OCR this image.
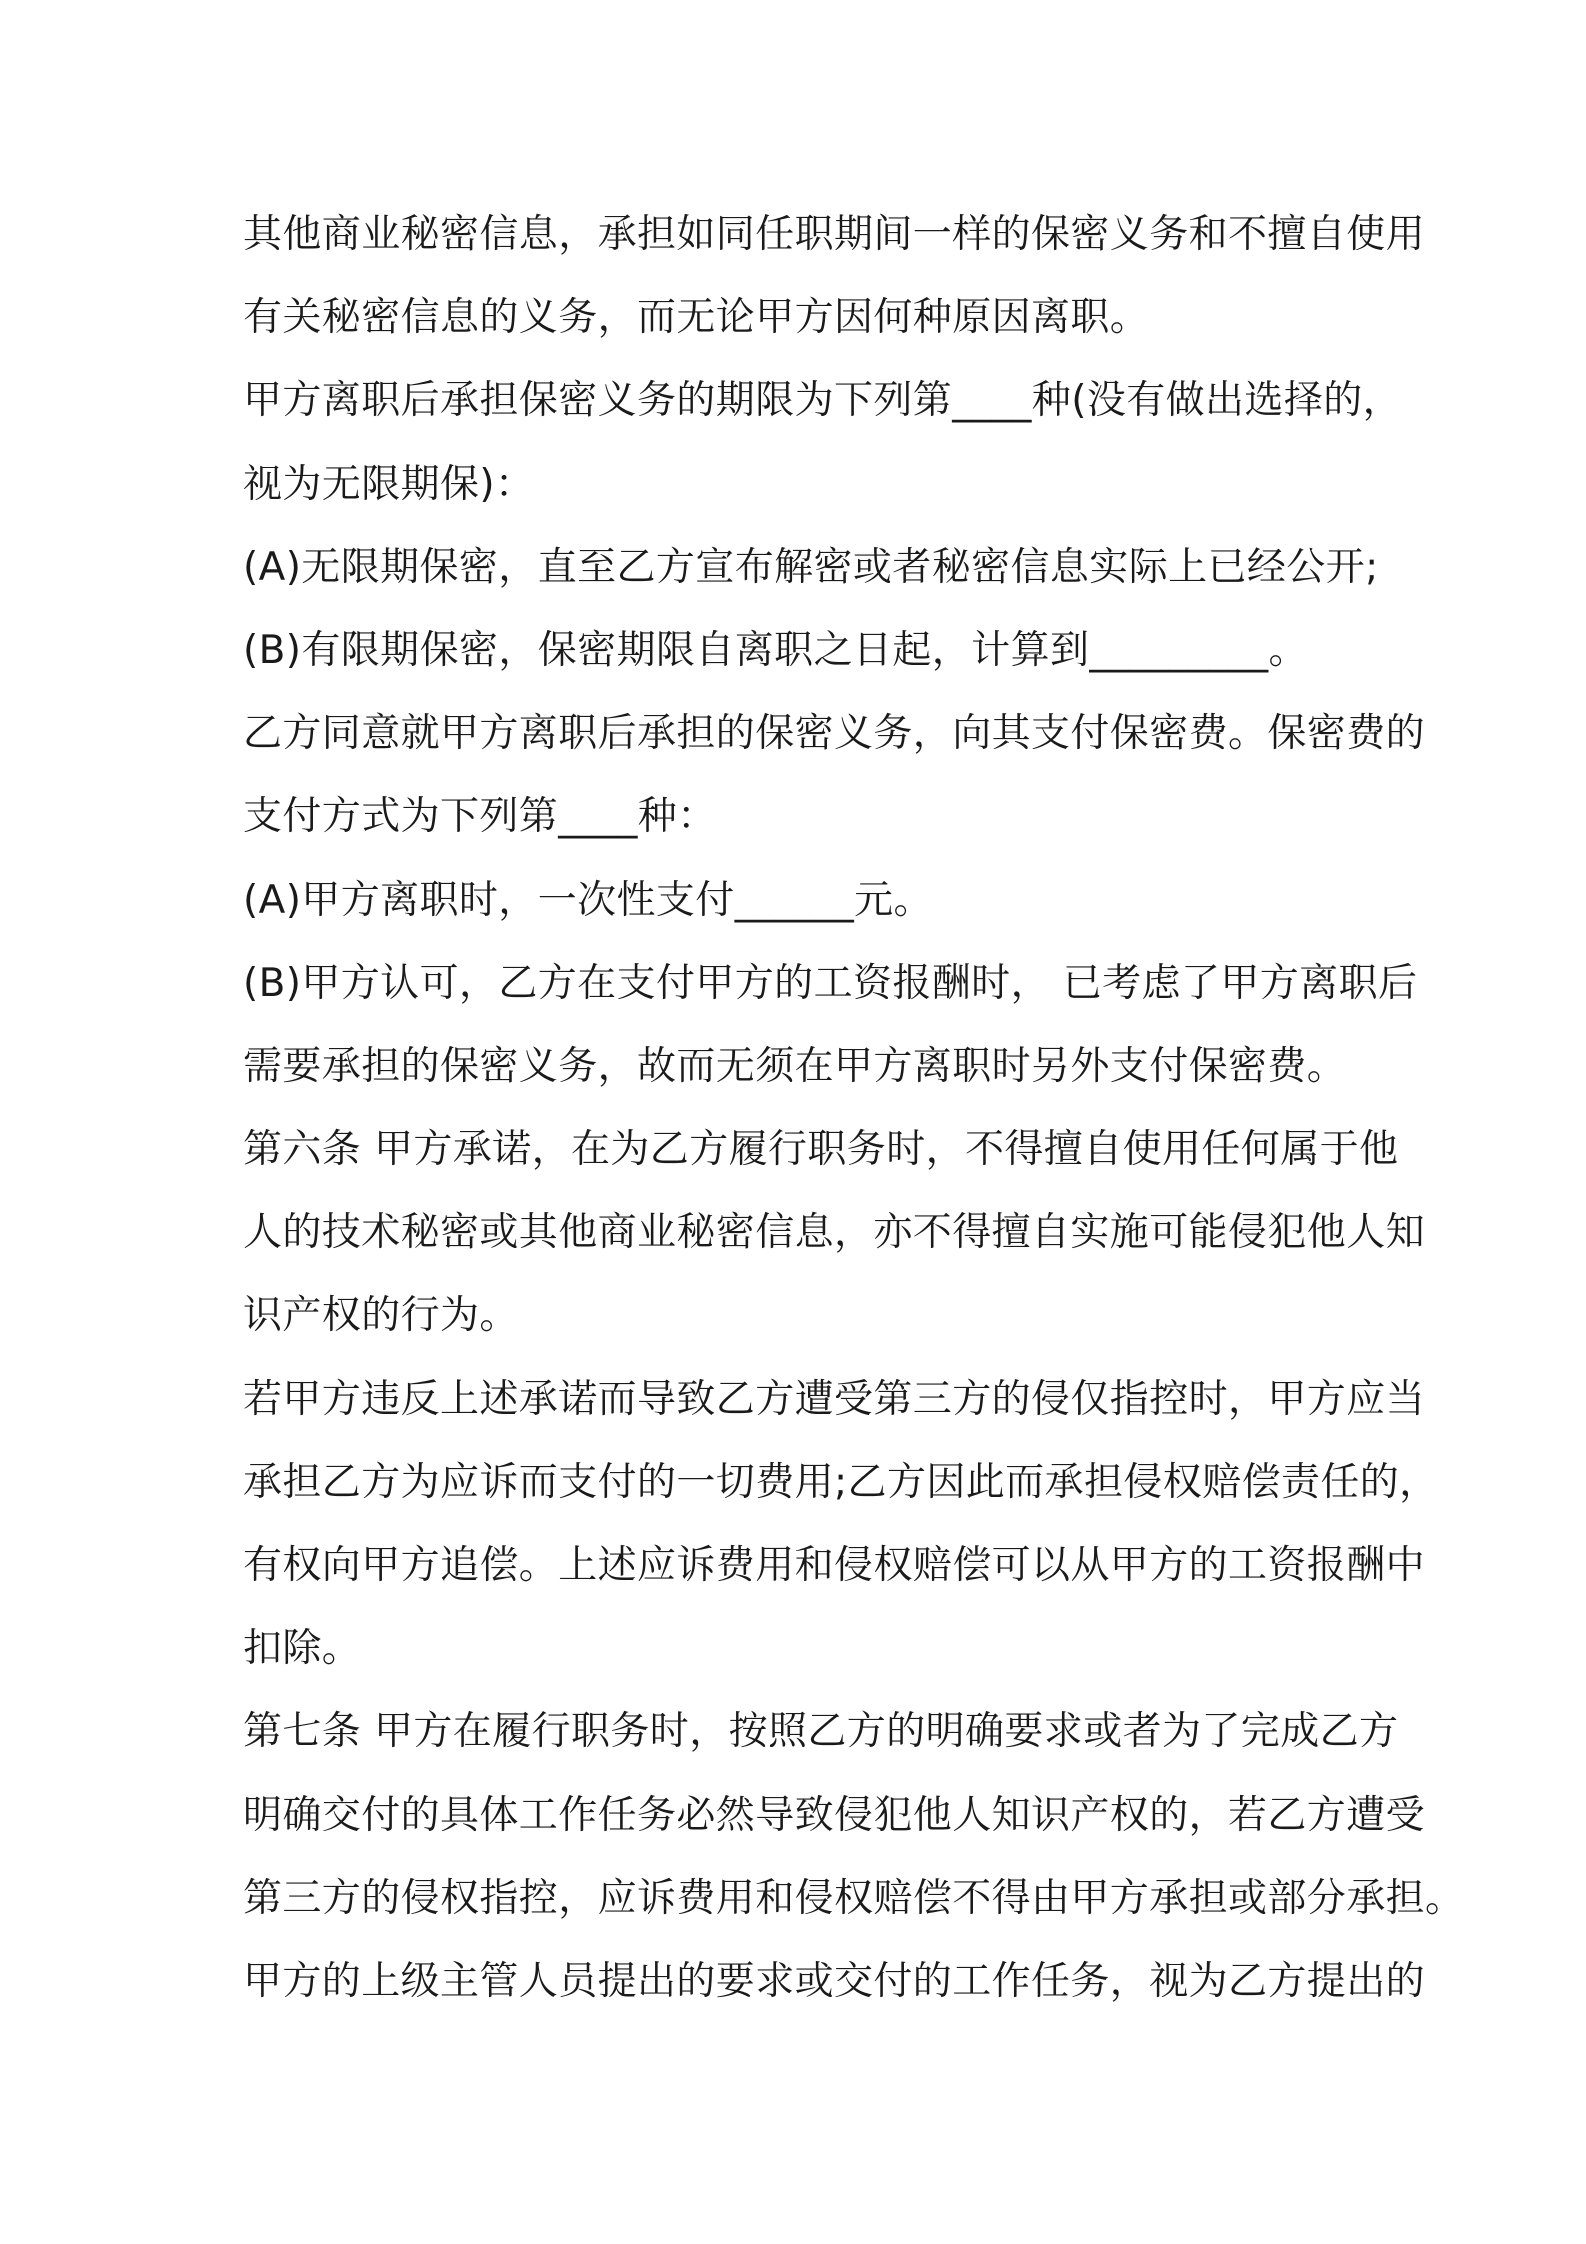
其他商业秘密信息，承担如同任职期间一样的保密义务和不擅自使用
有关秘密信息的义务，而无论甲方因何种原因离职。
甲方离职后承担保密义务的期限为下列第____种(没有做出选择的，
视为无限期保)：
(A)无限期保密，直至乙方宣布解密或者秘密信息实际上已经公开;
(B)有限期保密，保密期限自离职之日起，计算到_________。
乙方同意就甲方离职后承担的保密义务，向其支付保密费。保密费的
支付方式为下列第____种：
(A)甲方离职时，一次性支付______元。
(B)甲方认可，乙方在支付甲方的工资报酬时， 已考虑了甲方离职后
需要承担的保密义务，故而无须在甲方离职时另外支付保密费。
第六条 甲方承诺，在为乙方履行职务时，不得擅自使用任何属于他
人的技术秘密或其他商业秘密信息，亦不得擅自实施可能侵犯他人知
识产权的行为。
若甲方违反上述承诺而导致乙方遭受第三方的侵仅指控时，甲方应当
承担乙方为应诉而支付的一切费用;乙方因此而承担侵权赔偿责任的，
有权向甲方追偿。上述应诉费用和侵权赔偿可以从甲方的工资报酬中
扣除。
第七条 甲方在履行职务时，按照乙方的明确要求或者为了完成乙方
明确交付的具体工作任务必然导致侵犯他人知识产权的，若乙方遭受
第三方的侵权指控，应诉费用和侵权赔偿不得由甲方承担或部分承担。
甲方的上级主管人员提出的要求或交付的工作任务，视为乙方提出的
